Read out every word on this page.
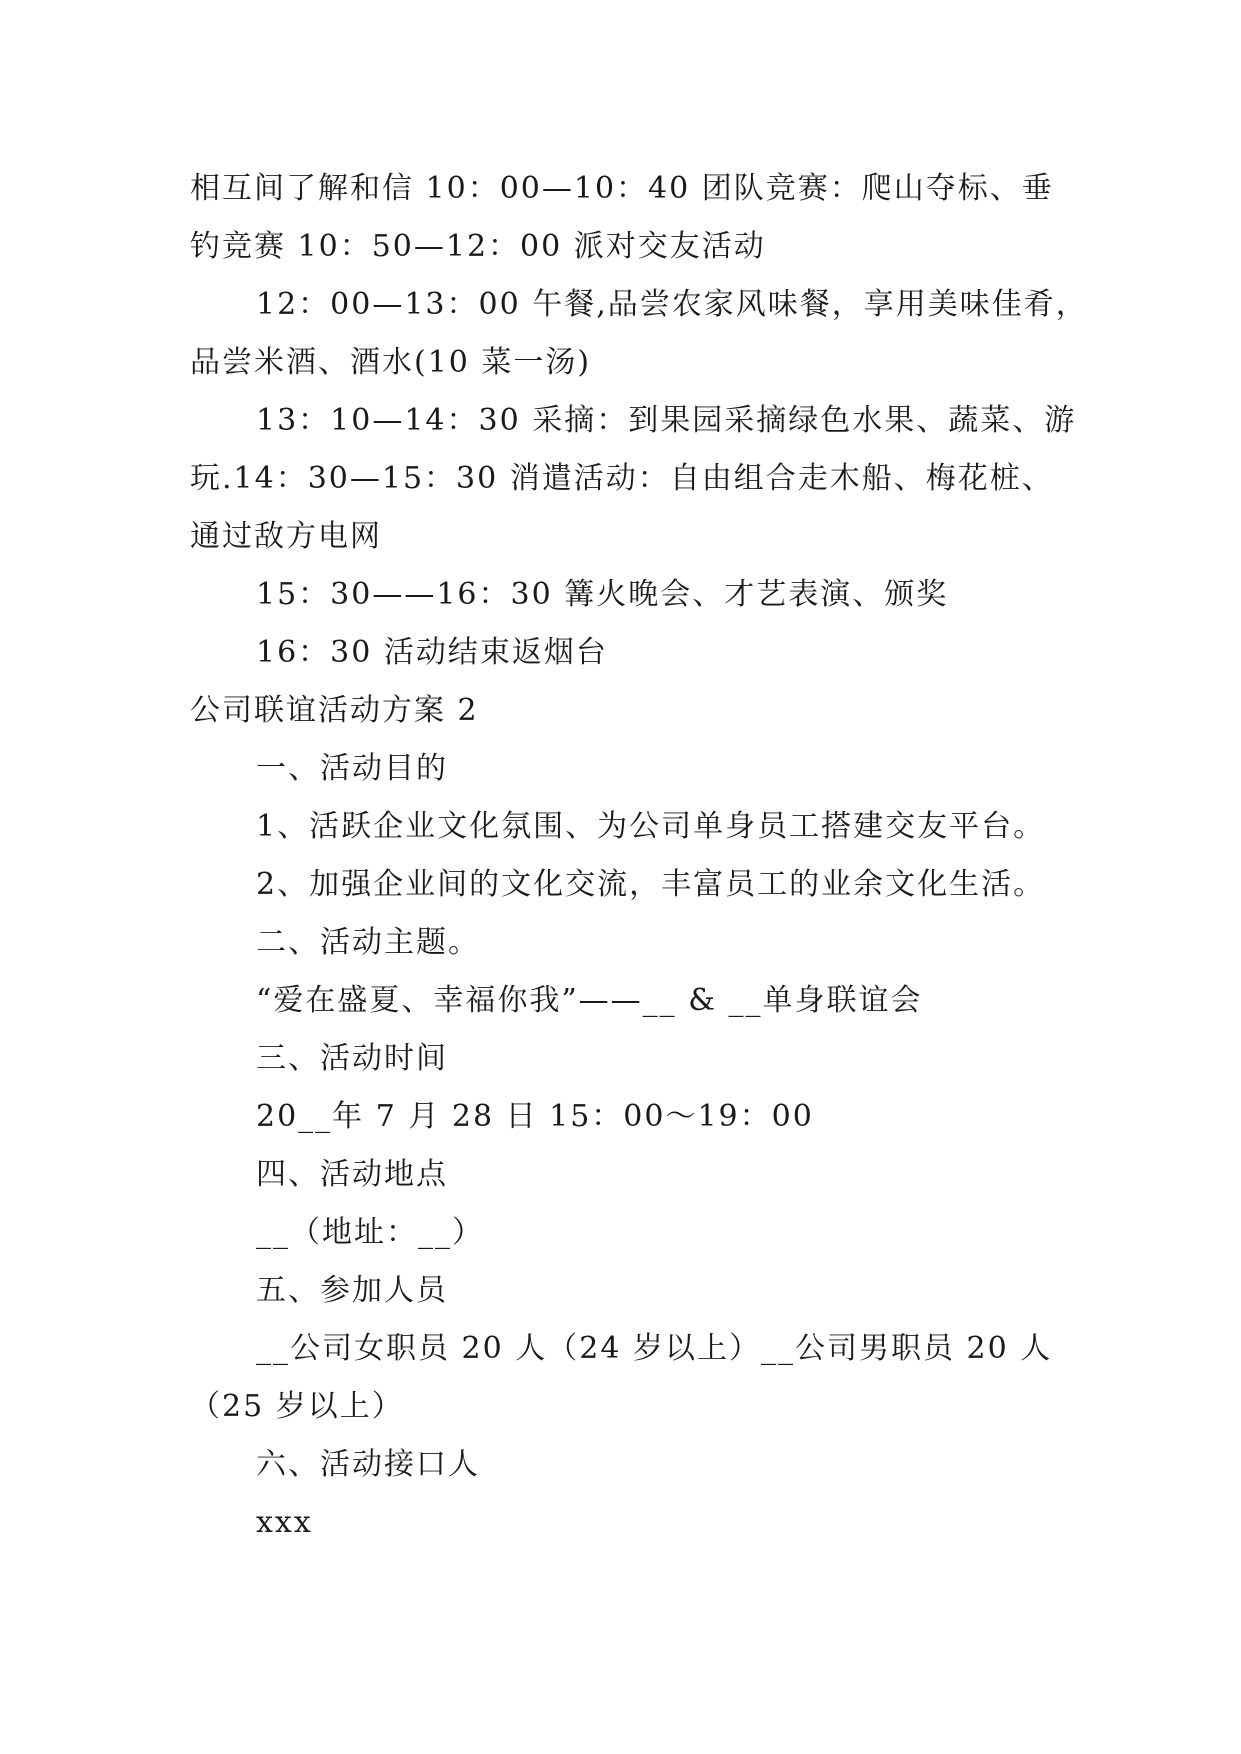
相互间了解和信 10：00—10：40 团队竞赛：爬山夺标、垂
钓竞赛 10：50—12：00 派对交友活动
12：00—13：00 午餐,品尝农家风味餐，享用美味佳肴，
品尝米酒、酒水(10 菜一汤)
13：10—14：30 采摘：到果园采摘绿色水果、蔬菜、游
玩.14：30—15：30 消遣活动：自由组合走木船、梅花桩、
通过敌方电网
15：30——16：30 篝火晚会、才艺表演、颁奖
16：30 活动结束返烟台
公司联谊活动方案 2
一、活动目的
1、活跃企业文化氛围、为公司单身员工搭建交友平台。
2、加强企业间的文化交流，丰富员工的业余文化生活。
二、活动主题。
“爱在盛夏、幸福你我”——__ & __单身联谊会
三、活动时间
20__年 7 月 28 日 15：00～19：00
四、活动地点
__（地址：__）
五、参加人员
__公司女职员 20 人（24 岁以上）__公司男职员 20 人
（25 岁以上）
六、活动接口人
xxx
